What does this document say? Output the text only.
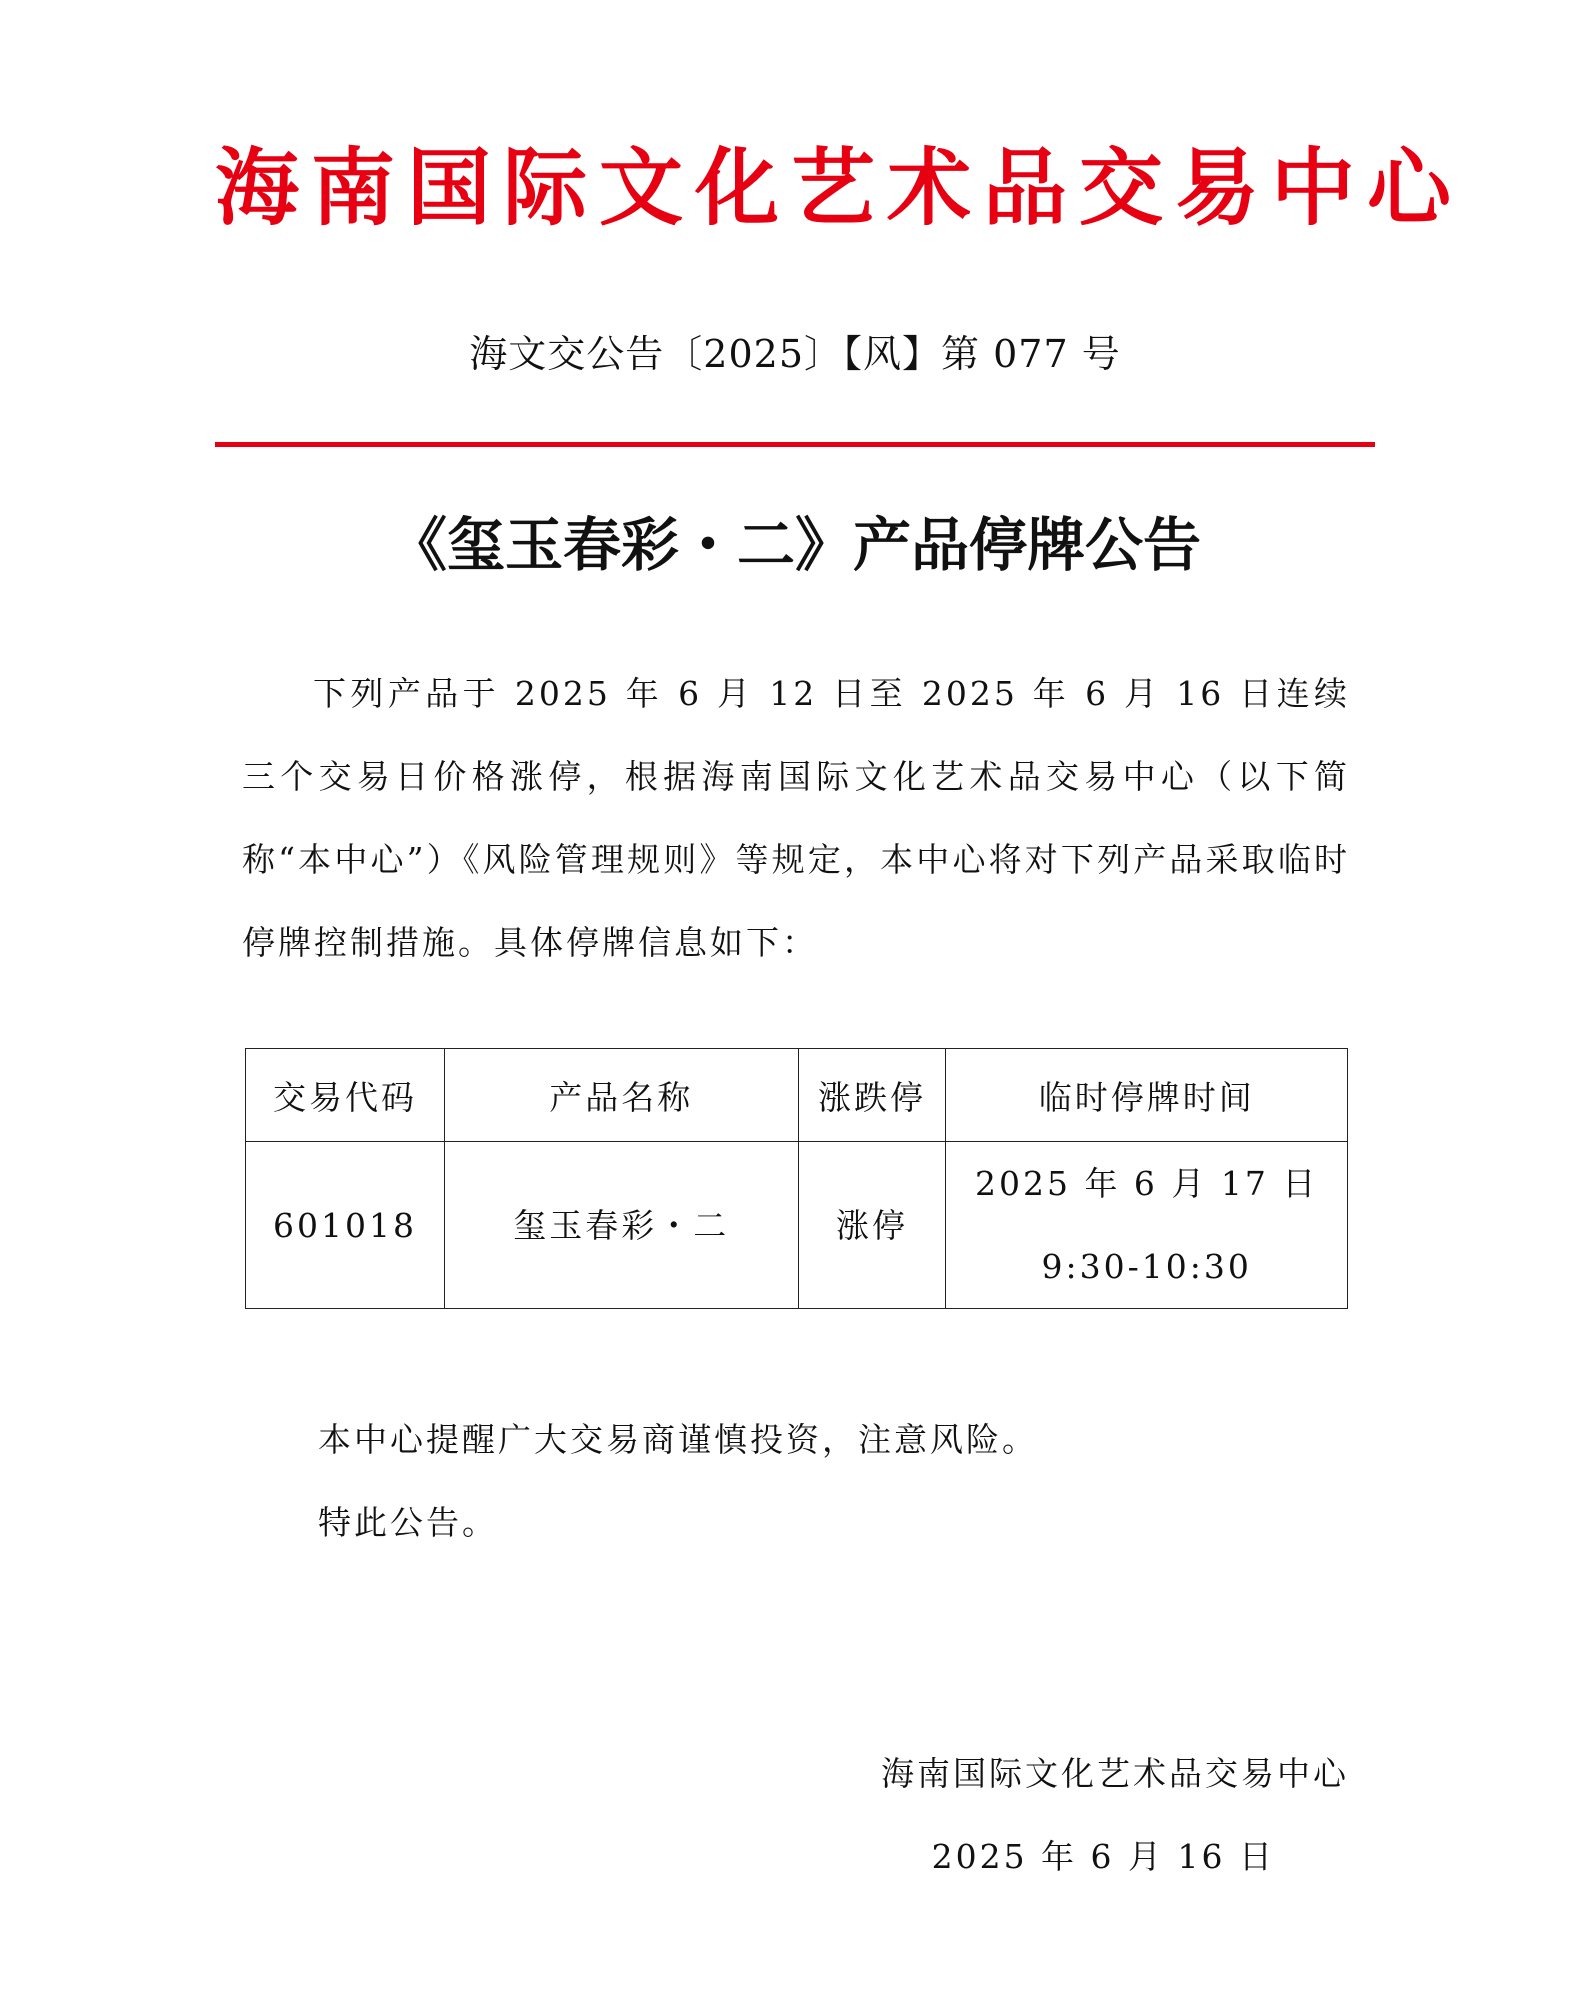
海南国际文化艺术品交易中心
海文交公告〔2025〕【风】第 077 号
《玺玉春彩・二》产品停牌公告
下列产品于 2025 年 6 月 12 日至 2025 年 6 月 16 日连续三个交易日价格涨停，根据海南国际文化艺术品交易中心（以下简称“本中心”）《风险管理规则》等规定，本中心将对下列产品采取临时停牌控制措施。具体停牌信息如下：
交易代码	产品名称	涨跌停	临时停牌时间
601018	玺玉春彩・二	涨停	2025 年 6 月 17 日
9:30-10:30
本中心提醒广大交易商谨慎投资，注意风险。
特此公告。
海南国际文化艺术品交易中心
2025 年 6 月 16 日
